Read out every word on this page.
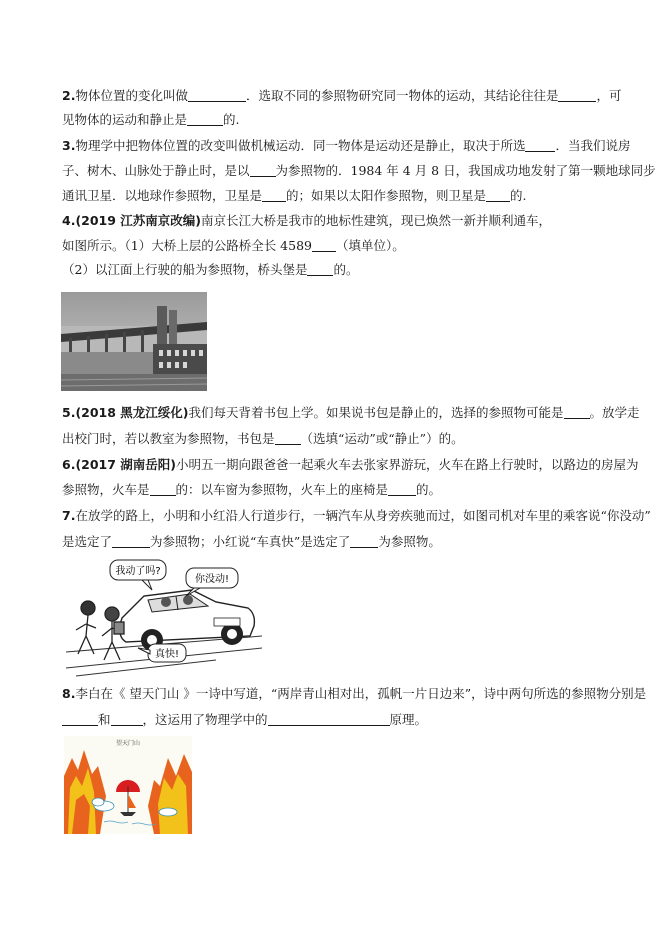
2.物体位置的变化叫做	．选取不同的参照物研究同一物体的运动，其结论往往是	，可
见物体的运动和静止是	的.
3.物理学中把物体位置的改变叫做机械运动．同一物体是运动还是静止，取决于所选 ．当我们说房
子、树木、山脉处于静止时，是以 为参照物的．1984 年 4 月 8 日，我国成功地发射了第一颗地球同步
通讯卫星．以地球作参照物，卫星是 的；如果以太阳作参照物，则卫星是 的.
4.(2019 江苏南京改编)南京长江大桥是我市的地标性建筑，现已焕然一新并顺利通车，
如图所示。（1）大桥上层的公路桥全长 4589 （填单位）。
（2）以江面上行驶的船为参照物，桥头堡是 的。
5.(2018 黑龙江绥化)我们每天背着书包上学。如果说书包是静止的，选择的参照物可能是 。放学走
出校门时，若以教室为参照物，书包是 （选填“运动”或“静止”）的。
6.(2017 湖南岳阳)小明五一期向跟爸爸一起乘火车去张家界游玩，火车在路上行驶时，以路边的房屋为
参照物，火车是 的：以车窗为参照物，火车上的座椅是 的。
7.在放学的路上，小明和小红沿人行道步行，一辆汽车从身旁疾驰而过，如图司机对车里的乘客说“你没动”
是选定了	为参照物；小红说“车真快”是选定了 为参照物。
我动了吗?
你没动!
真快!
8.李白在《 望天门山 》一诗中写道，“两岸青山相对出，孤帆一片日边来”，诗中两句所选的参照物分别是
和	，这运用了物理学中的	原理。
望天门山
